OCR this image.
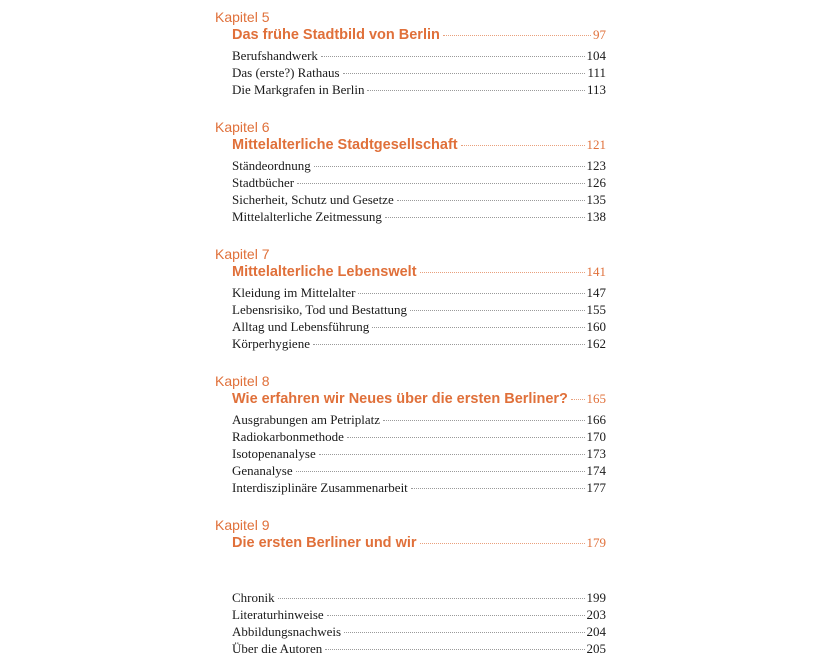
Kapitel 5
Das frühe Stadtbild von Berlin	97
Berufshandwerk	104
Das (erste?) Rathaus	111
Die Markgrafen in Berlin	113
Kapitel 6
Mittelalterliche Stadtgesellschaft	121
Ständeordnung	123
Stadtbücher	126
Sicherheit, Schutz und Gesetze	135
Mittelalterliche Zeitmessung	138
Kapitel 7
Mittelalterliche Lebenswelt	141
Kleidung im Mittelalter	147
Lebensrisiko, Tod und Bestattung	155
Alltag und Lebensführung	160
Körperhygiene	162
Kapitel 8
Wie erfahren wir Neues über die ersten Berliner? 165
Ausgrabungen am Petriplatz	166
Radiokarbonmethode	170
Isotopenanalyse	173
Genanalyse	174
Interdisziplinäre Zusammenarbeit	177
Kapitel 9
Die ersten Berliner und wir	179
Chronik	199
Literaturhinweise	203
Abbildungsnachweis	204
Über die Autoren	205
